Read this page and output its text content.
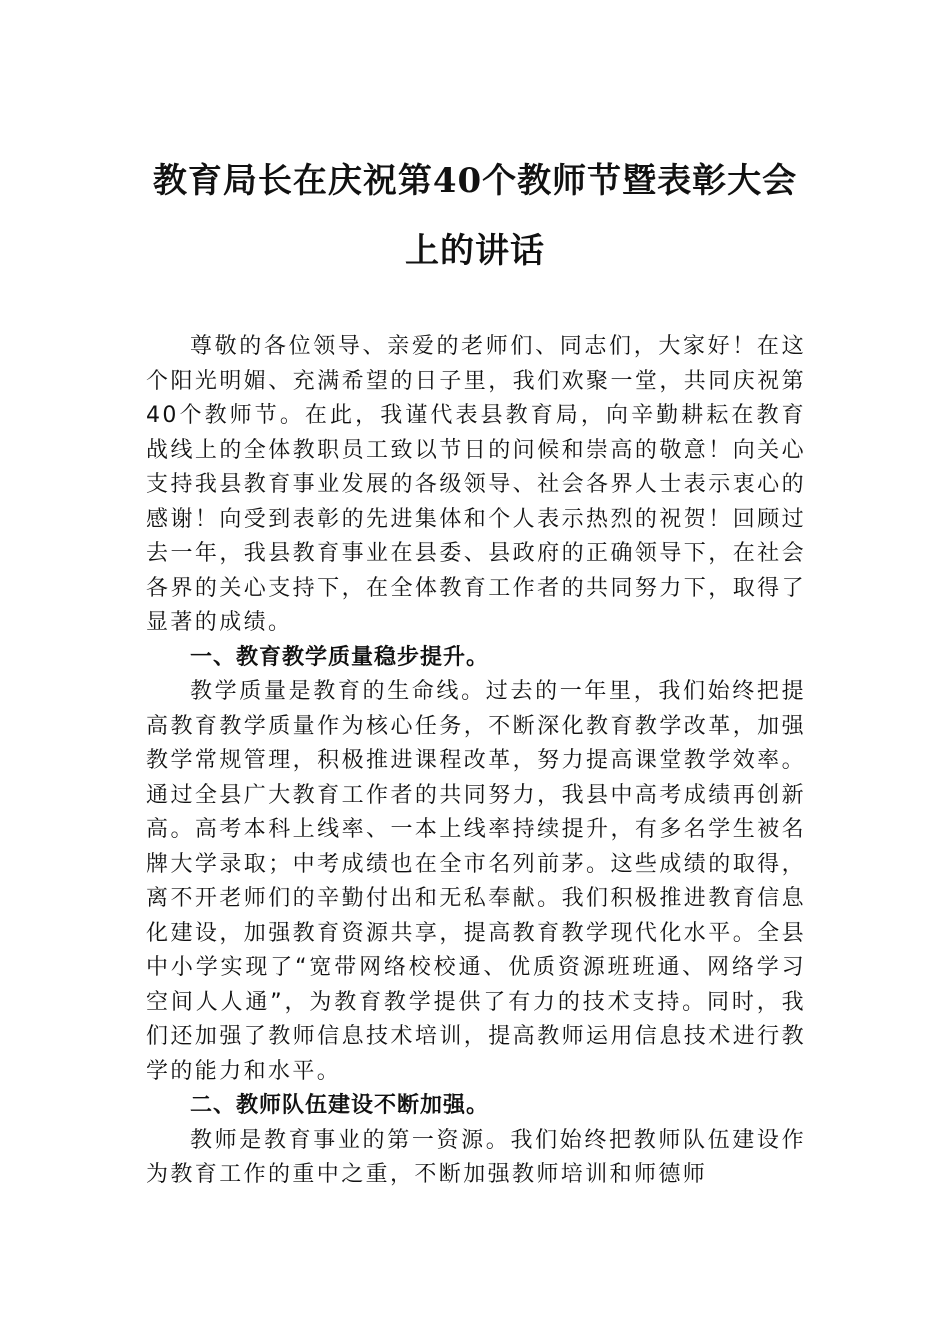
教育局长在庆祝第40个教师节暨表彰大会
上的讲话

尊敬的各位领导、亲爱的老师们、同志们，大家好！在这个阳光明媚、充满希望的日子里，我们欢聚一堂，共同庆祝第40个教师节。在此，我谨代表县教育局，向辛勤耕耘在教育战线上的全体教职员工致以节日的问候和崇高的敬意！向关心支持我县教育事业发展的各级领导、社会各界人士表示衷心的感谢！向受到表彰的先进集体和个人表示热烈的祝贺！回顾过去一年，我县教育事业在县委、县政府的正确领导下，在社会各界的关心支持下，在全体教育工作者的共同努力下，取得了显著的成绩。

一、教育教学质量稳步提升。

教学质量是教育的生命线。过去的一年里，我们始终把提高教育教学质量作为核心任务，不断深化教育教学改革，加强教学常规管理，积极推进课程改革，努力提高课堂教学效率。通过全县广大教育工作者的共同努力，我县中高考成绩再创新高。高考本科上线率、一本上线率持续提升，有多名学生被名牌大学录取；中考成绩也在全市名列前茅。这些成绩的取得，离不开老师们的辛勤付出和无私奉献。我们积极推进教育信息化建设，加强教育资源共享，提高教育教学现代化水平。全县中小学实现了“宽带网络校校通、优质资源班班通、网络学习空间人人通”，为教育教学提供了有力的技术支持。同时，我们还加强了教师信息技术培训，提高教师运用信息技术进行教学的能力和水平。

二、教师队伍建设不断加强。

教师是教育事业的第一资源。我们始终把教师队伍建设作为教育工作的重中之重，不断加强教师培训和师德师
